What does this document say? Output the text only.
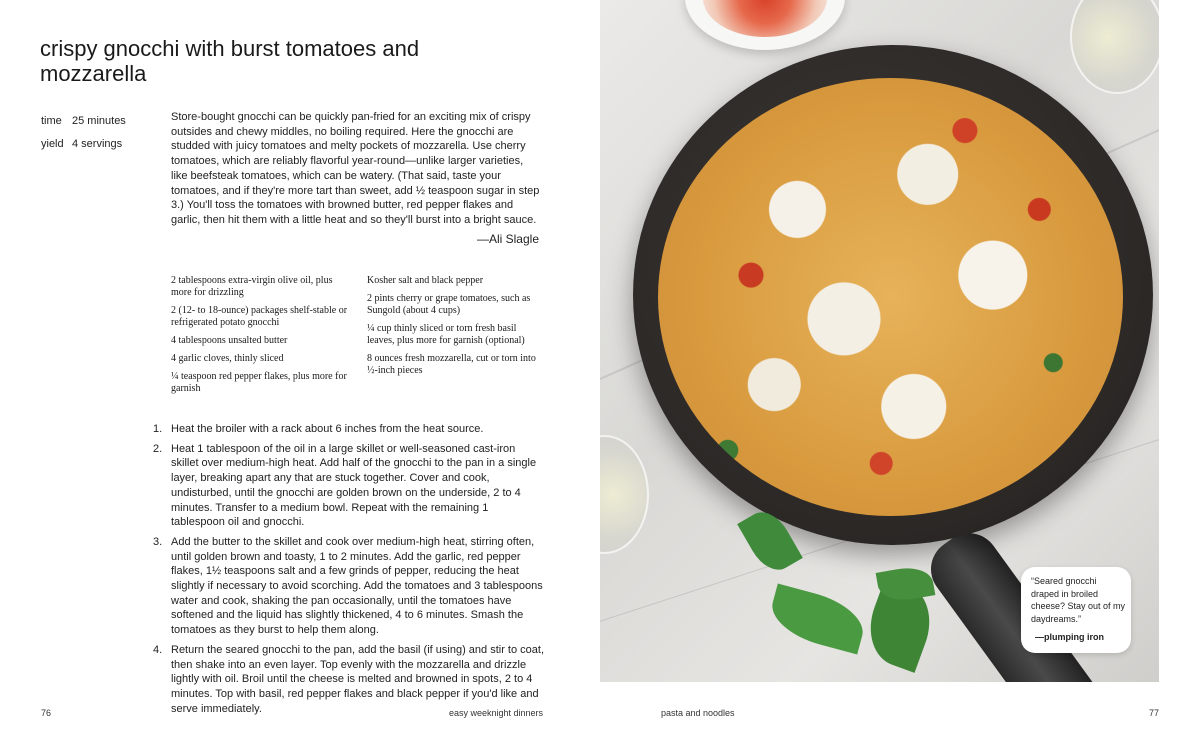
crispy gnocchi with burst tomatoes and mozzarella
time 25 minutes
yield 4 servings

Store-bought gnocchi can be quickly pan-fried for an exciting mix of crispy outsides and chewy middles, no boiling required. Here the gnocchi are studded with juicy tomatoes and melty pockets of mozzarella. Use cherry tomatoes, which are reliably flavorful year-round—unlike larger varieties, like beefsteak tomatoes, which can be watery. (That said, taste your tomatoes, and if they're more tart than sweet, add ½ teaspoon sugar in step 3.) You'll toss the tomatoes with browned butter, red pepper flakes and garlic, then hit them with a little heat and so they'll burst into a bright sauce.

—Ali Slagle

2 tablespoons extra-virgin olive oil, plus more for drizzling

2 (12- to 18-ounce) packages shelf-stable or refrigerated potato gnocchi

4 tablespoons unsalted butter

4 garlic cloves, thinly sliced

¼ teaspoon red pepper flakes, plus more for garnish

Kosher salt and black pepper

2 pints cherry or grape tomatoes, such as Sungold (about 4 cups)

¼ cup thinly sliced or torn fresh basil leaves, plus more for garnish (optional)

8 ounces fresh mozzarella, cut or torn into ½-inch pieces

1. Heat the broiler with a rack about 6 inches from the heat source.
2. Heat 1 tablespoon of the oil in a large skillet or well-seasoned cast-iron skillet over medium-high heat. Add half of the gnocchi to the pan in a single layer, breaking apart any that are stuck together. Cover and cook, undisturbed, until the gnocchi are golden brown on the underside, 2 to 4 minutes. Transfer to a medium bowl. Repeat with the remaining 1 tablespoon oil and gnocchi.
3. Add the butter to the skillet and cook over medium-high heat, stirring often, until golden brown and toasty, 1 to 2 minutes. Add the garlic, red pepper flakes, 1½ teaspoons salt and a few grinds of pepper, reducing the heat slightly if necessary to avoid scorching. Add the tomatoes and 3 tablespoons water and cook, shaking the pan occasionally, until the tomatoes have softened and the liquid has slightly thickened, 4 to 6 minutes. Smash the tomatoes as they burst to help them along.
4. Return the seared gnocchi to the pan, add the basil (if using) and stir to coat, then shake into an even layer. Top evenly with the mozzarella and drizzle lightly with oil. Broil until the cheese is melted and browned in spots, 2 to 4 minutes. Top with basil, red pepper flakes and black pepper if you'd like and serve immediately.

“Seared gnocchi draped in broiled cheese? Stay out of my daydreams.”

—plumping iron

76	easy weeknight dinners	pasta and noodles	77
